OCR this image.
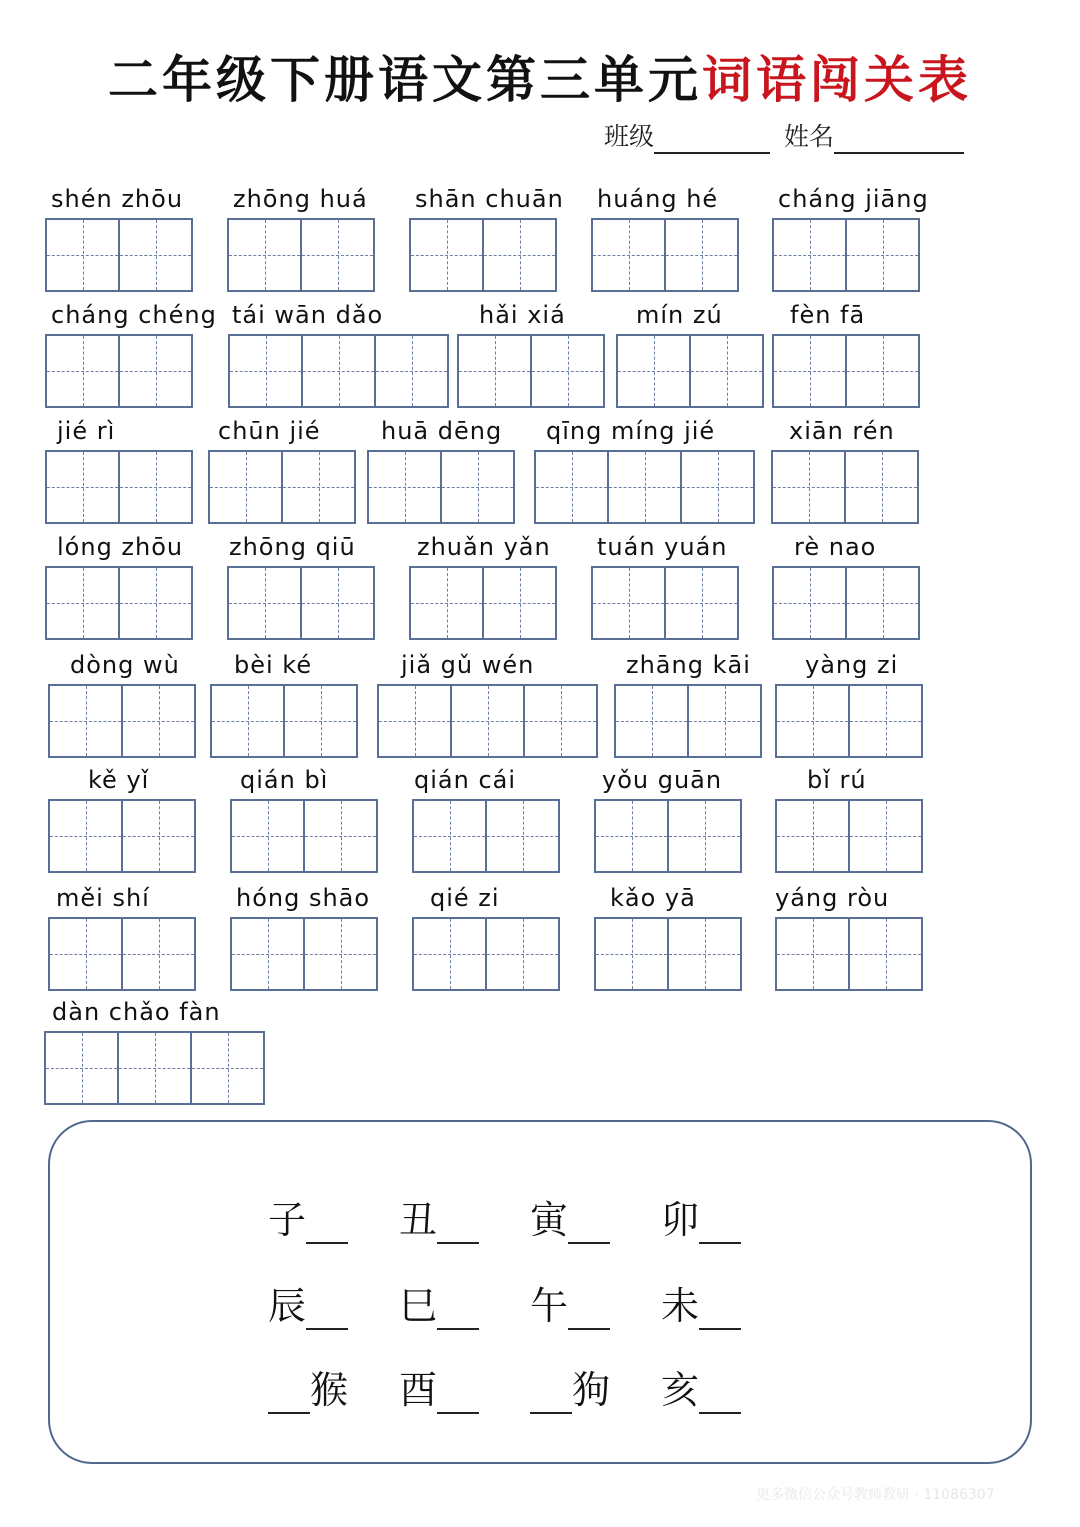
二年级下册语文第三单元词语闯关表
班级	姓名
shén zhōu zhōng huá shān chuān huáng hé cháng jiāng
cháng chéng tái wān dǎo	hǎi xiá	mín zú	fèn fā
jié rì	chūn jié	huā dēng qīng míng jié	xiān rén
lóng zhōu zhōng qiū	zhuǎn yǎn tuán yuán	rè nao
dòng wù bèi ké	jiǎ gǔ wén	zhāng kāi yàng zi
kě yǐ	qián bì	qián cái	yǒu guān	bǐ rú
měi shí	hóng shāo qié zi	kǎo yā	yáng ròu
dàn chǎo fàn
子 丑 寅 卯
辰 巳 午 未
猴 酉	狗 亥
更多微信公众号教师教研 · 11086307
